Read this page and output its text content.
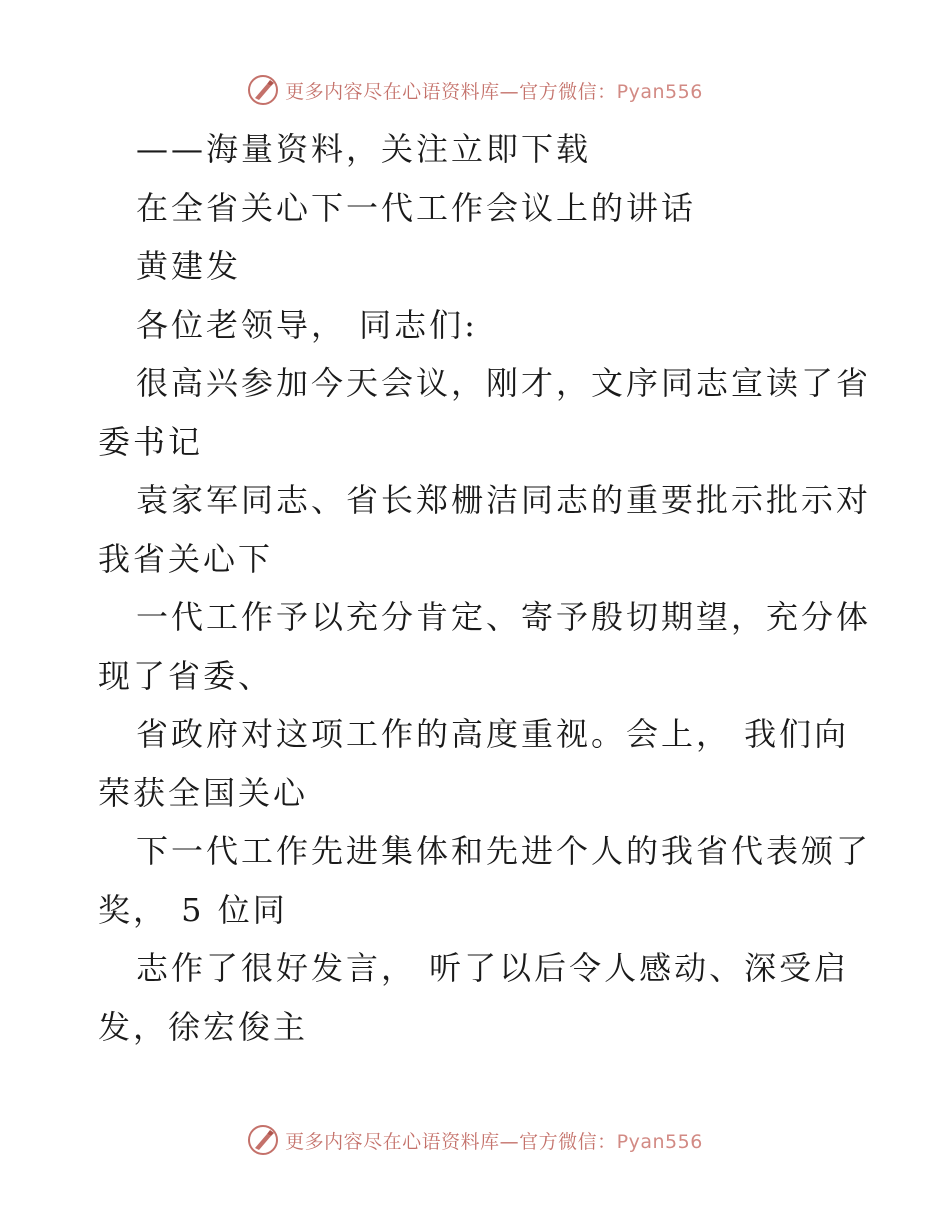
更多内容尽在心语资料库—官方微信：Pyan556
——海量资料，关注立即下载
在全省关心下一代工作会议上的讲话
黄建发
各位老领导， 同志们:
很高兴参加今天会议，刚才，文序同志宣读了省
委书记
袁家军同志、省长郑栅洁同志的重要批示批示对
我省关心下
一代工作予以充分肯定、寄予殷切期望，充分体
现了省委、
省政府对这项工作的高度重视。会上， 我们向
荣获全国关心
下一代工作先进集体和先进个人的我省代表颁了
奖， 5 位同
志作了很好发言， 听了以后令人感动、深受启
发，徐宏俊主
更多内容尽在心语资料库—官方微信：Pyan556
